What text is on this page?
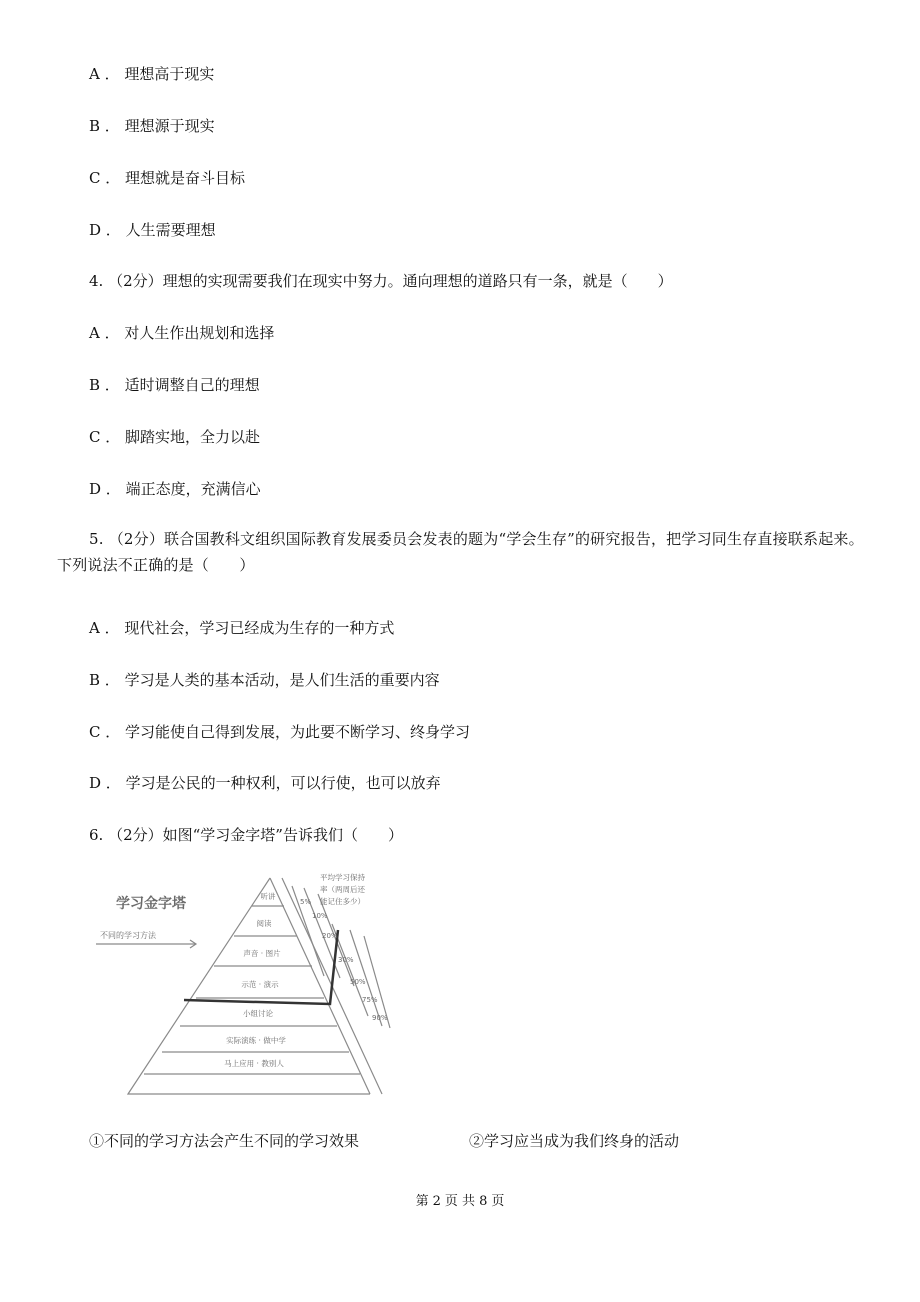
A ． 理想高于现实
B ． 理想源于现实
C ． 理想就是奋斗目标
D ． 人生需要理想
4. （2分）理想的实现需要我们在现实中努力。通向理想的道路只有一条，就是（　　）
A ． 对人生作出规划和选择
B ． 适时调整自己的理想
C ． 脚踏实地，全力以赴
D ． 端正态度，充满信心
5. （2分）联合国教科文组织国际教育发展委员会发表的题为“学会生存”的研究报告，把学习同生存直接联系起来。下列说法不正确的是（　　）
A ． 现代社会，学习已经成为生存的一种方式
B ． 学习是人类的基本活动，是人们生活的重要内容
C ． 学习能使自己得到发展，为此要不断学习、终身学习
D ． 学习是公民的一种权利，可以行使，也可以放弃
6. （2分）如图“学习金字塔”告诉我们（　　）
学习金字塔
不同的学习方法
平均学习保持
率（两周后还
能记住多少）
听讲
阅读
声音 · 图片
示范 · 演示
小组讨论
实际演练 · 做中学
马上应用 · 教别人
5%
10%
20%
30%
50%
75%
90%
①不同的学习方法会产生不同的学习效果	②学习应当成为我们终身的活动
第 2 页 共 8 页
